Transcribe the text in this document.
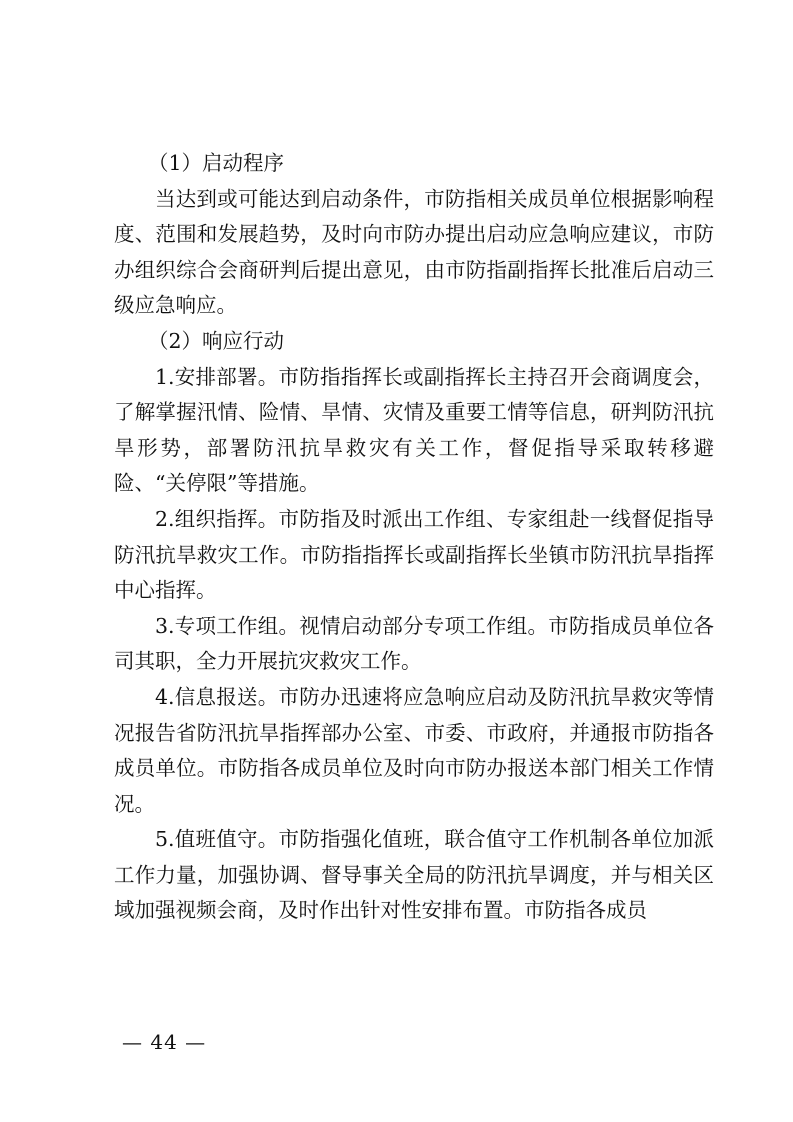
（1）启动程序

当达到或可能达到启动条件，市防指相关成员单位根据影响程度、范围和发展趋势，及时向市防办提出启动应急响应建议，市防办组织综合会商研判后提出意见，由市防指副指挥长批准后启动三级应急响应。

（2）响应行动

1.安排部署。市防指指挥长或副指挥长主持召开会商调度会，了解掌握汛情、险情、旱情、灾情及重要工情等信息，研判防汛抗旱形势，部署防汛抗旱救灾有关工作，督促指导采取转移避险、“关停限”等措施。

2.组织指挥。市防指及时派出工作组、专家组赴一线督促指导防汛抗旱救灾工作。市防指指挥长或副指挥长坐镇市防汛抗旱指挥中心指挥。

3.专项工作组。视情启动部分专项工作组。市防指成员单位各司其职，全力开展抗灾救灾工作。

4.信息报送。市防办迅速将应急响应启动及防汛抗旱救灾等情况报告省防汛抗旱指挥部办公室、市委、市政府，并通报市防指各成员单位。市防指各成员单位及时向市防办报送本部门相关工作情况。

5.值班值守。市防指强化值班，联合值守工作机制各单位加派工作力量，加强协调、督导事关全局的防汛抗旱调度，并与相关区域加强视频会商，及时作出针对性安排布置。市防指各成员

— 44 —
